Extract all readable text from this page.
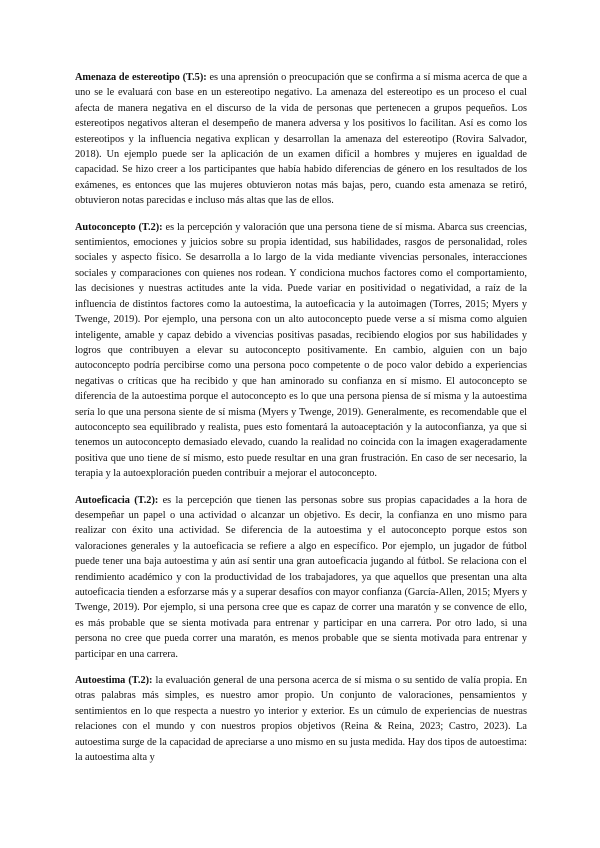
Amenaza de estereotipo (T.5): es una aprensión o preocupación que se confirma a sí misma acerca de que a uno se le evaluará con base en un estereotipo negativo. La amenaza del estereotipo es un proceso el cual afecta de manera negativa en el discurso de la vida de personas que pertenecen a grupos pequeños. Los estereotipos negativos alteran el desempeño de manera adversa y los positivos lo facilitan. Así es como los estereotipos y la influencia negativa explican y desarrollan la amenaza del estereotipo (Rovira Salvador, 2018). Un ejemplo puede ser la aplicación de un examen difícil a hombres y mujeres en igualdad de capacidad. Se hizo creer a los participantes que había habido diferencias de género en los resultados de los exámenes, es entonces que las mujeres obtuvieron notas más bajas, pero, cuando esta amenaza se retiró, obtuvieron notas parecidas e incluso más altas que las de ellos.

Autoconcepto (T.2): es la percepción y valoración que una persona tiene de sí misma. Abarca sus creencias, sentimientos, emociones y juicios sobre su propia identidad, sus habilidades, rasgos de personalidad, roles sociales y aspecto físico. Se desarrolla a lo largo de la vida mediante vivencias personales, interacciones sociales y comparaciones con quienes nos rodean. Y condiciona muchos factores como el comportamiento, las decisiones y nuestras actitudes ante la vida. Puede variar en positividad o negatividad, a raíz de la influencia de distintos factores como la autoestima, la autoeficacia y la autoimagen (Torres, 2015; Myers y Twenge, 2019). Por ejemplo, una persona con un alto autoconcepto puede verse a sí misma como alguien inteligente, amable y capaz debido a vivencias positivas pasadas, recibiendo elogios por sus habilidades y logros que contribuyen a elevar su autoconcepto positivamente. En cambio, alguien con un bajo autoconcepto podría percibirse como una persona poco competente o de poco valor debido a experiencias negativas o críticas que ha recibido y que han aminorado su confianza en sí mismo. El autoconcepto se diferencia de la autoestima porque el autoconcepto es lo que una persona piensa de sí misma y la autoestima sería lo que una persona siente de sí misma (Myers y Twenge, 2019). Generalmente, es recomendable que el autoconcepto sea equilibrado y realista, pues esto fomentará la autoaceptación y la autoconfianza, ya que si tenemos un autoconcepto demasiado elevado, cuando la realidad no coincida con la imagen exageradamente positiva que uno tiene de sí mismo, esto puede resultar en una gran frustración. En caso de ser necesario, la terapia y la autoexploración pueden contribuir a mejorar el autoconcepto.

Autoeficacia (T.2): es la percepción que tienen las personas sobre sus propias capacidades a la hora de desempeñar un papel o una actividad o alcanzar un objetivo. Es decir, la confianza en uno mismo para realizar con éxito una actividad. Se diferencia de la autoestima y el autoconcepto porque estos son valoraciones generales y la autoeficacia se refiere a algo en específico. Por ejemplo, un jugador de fútbol puede tener una baja autoestima y aún así sentir una gran autoeficacia jugando al fútbol. Se relaciona con el rendimiento académico y con la productividad de los trabajadores, ya que aquellos que presentan una alta autoeficacia tienden a esforzarse más y a superar desafíos con mayor confianza (García-Allen, 2015; Myers y Twenge, 2019). Por ejemplo, si una persona cree que es capaz de correr una maratón y se convence de ello, es más probable que se sienta motivada para entrenar y participar en una carrera. Por otro lado, si una persona no cree que pueda correr una maratón, es menos probable que se sienta motivada para entrenar y participar en una carrera.

Autoestima (T.2): la evaluación general de una persona acerca de sí misma o su sentido de valía propia. En otras palabras más simples, es nuestro amor propio. Un conjunto de valoraciones, pensamientos y sentimientos en lo que respecta a nuestro yo interior y exterior. Es un cúmulo de experiencias de nuestras relaciones con el mundo y con nuestros propios objetivos (Reina & Reina, 2023; Castro, 2023). La autoestima surge de la capacidad de apreciarse a uno mismo en su justa medida. Hay dos tipos de autoestima: la autoestima alta y
